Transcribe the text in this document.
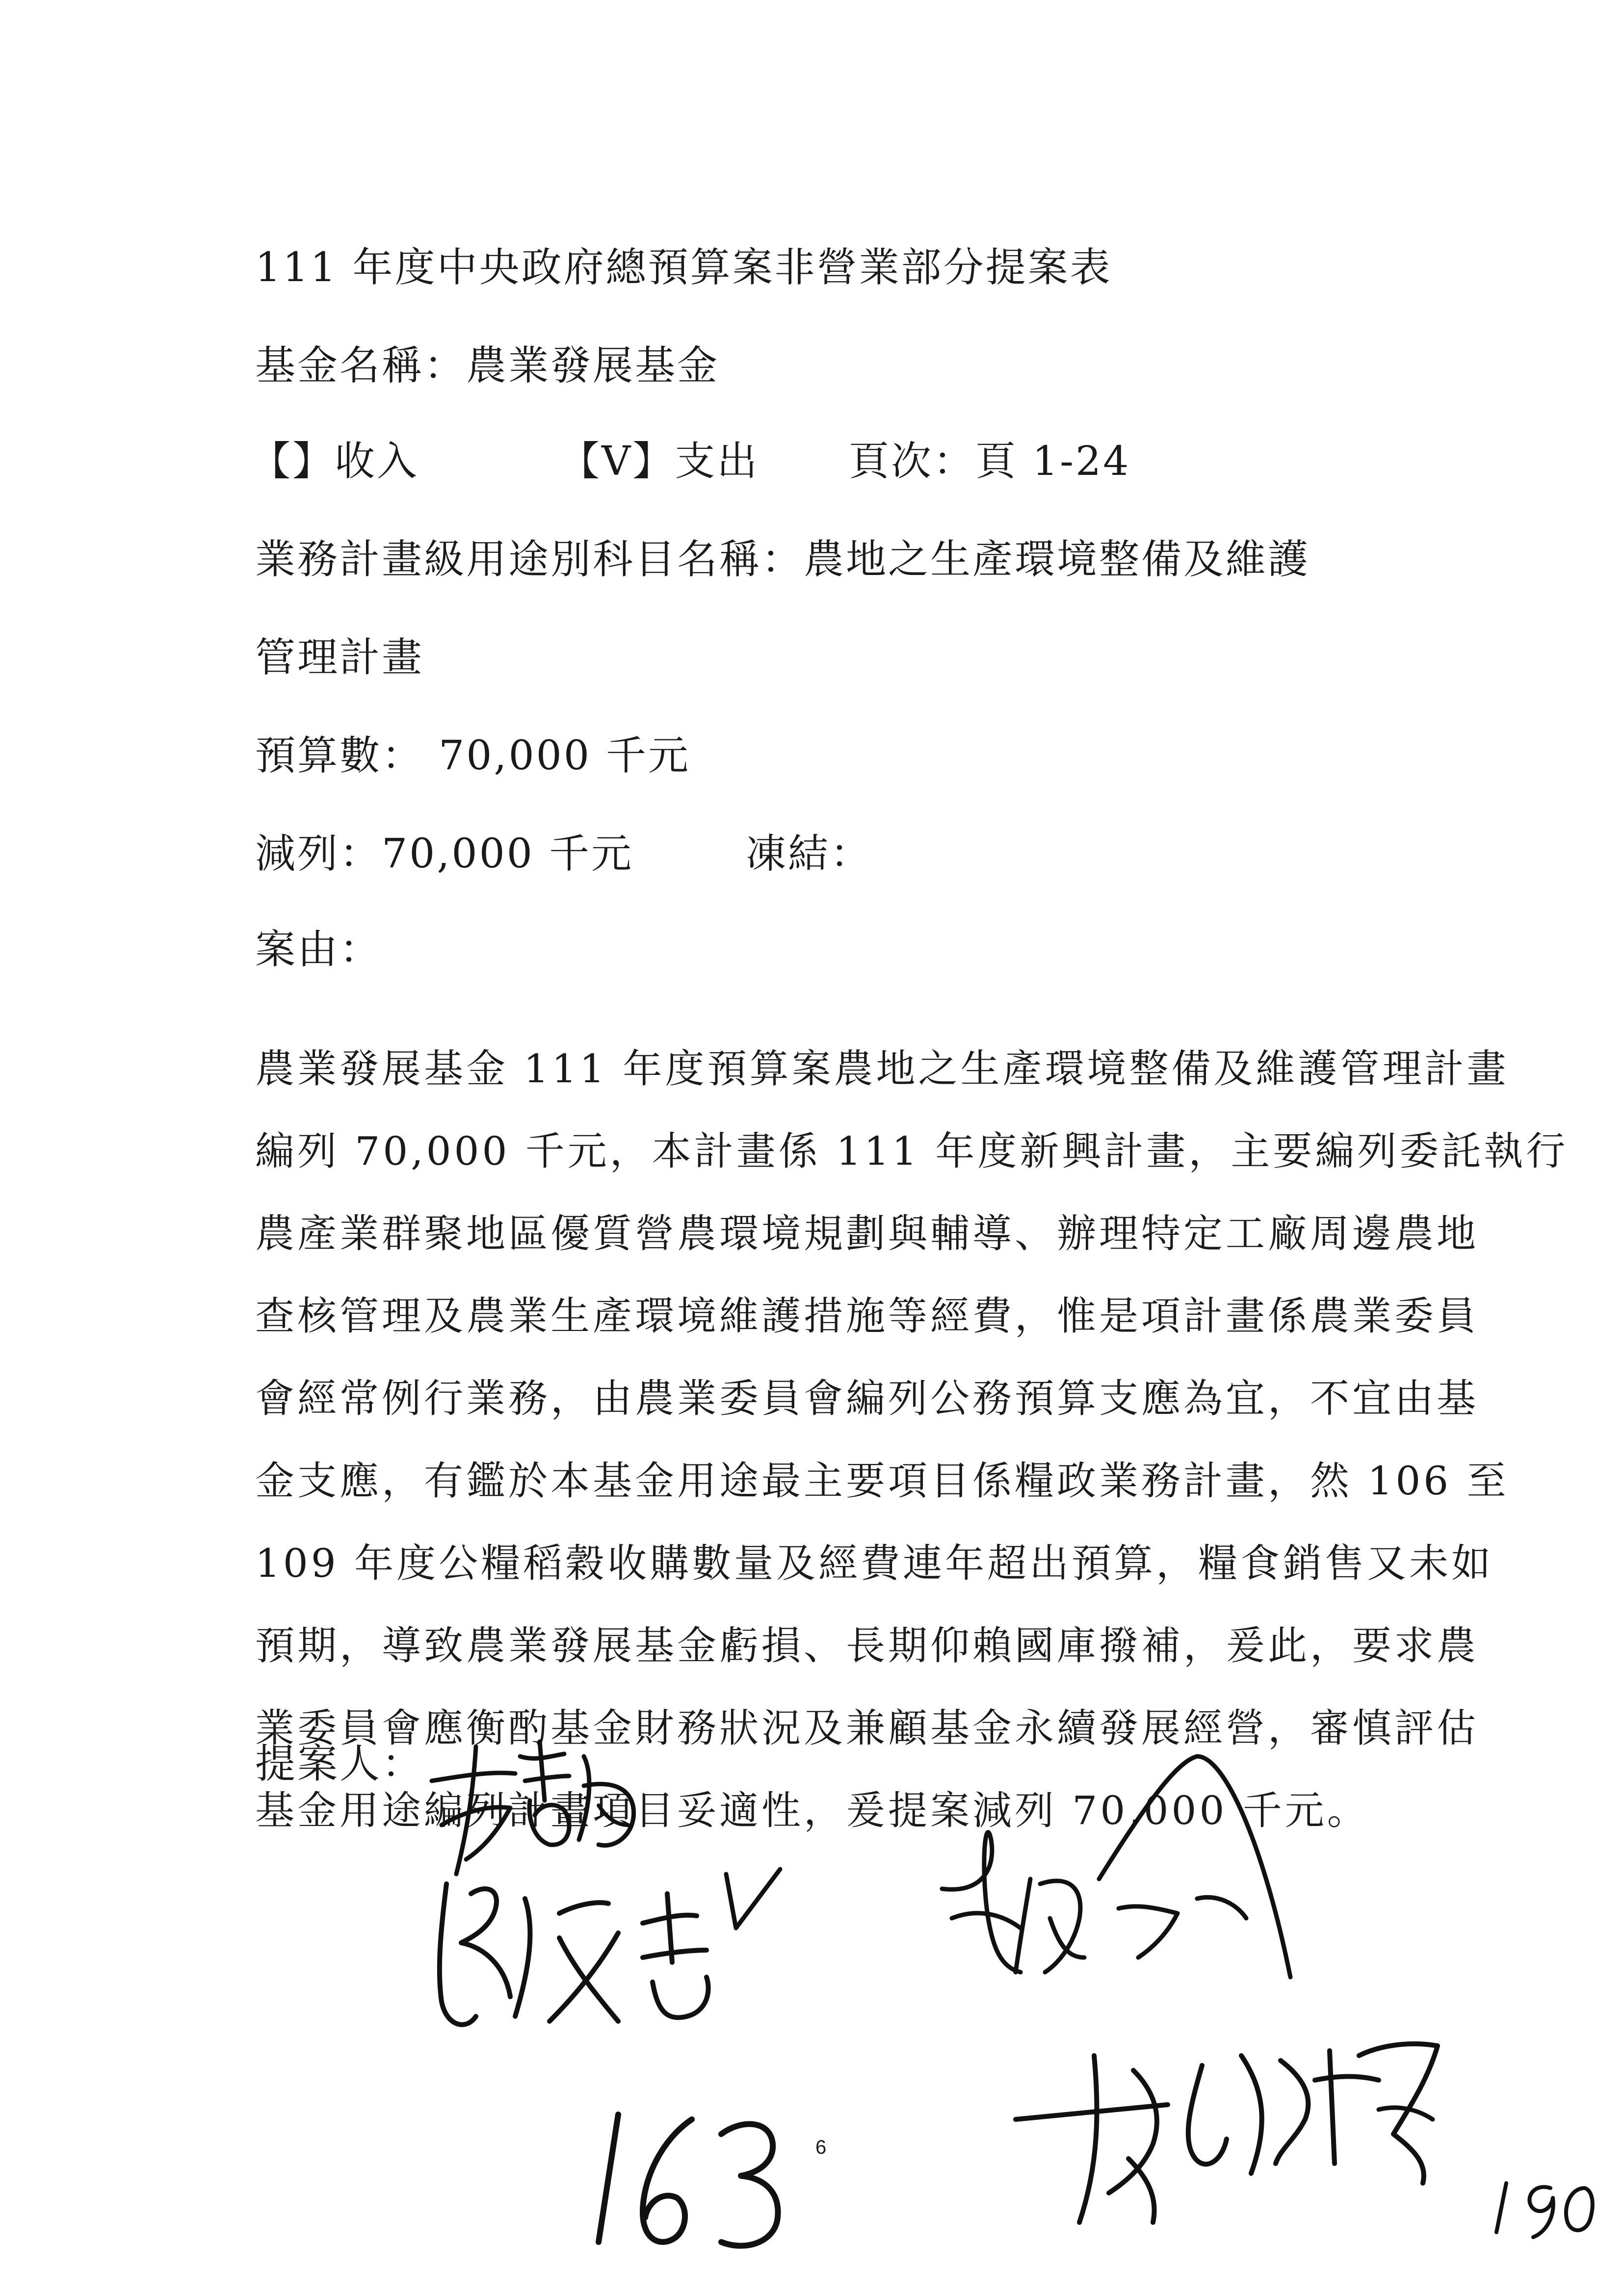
111 年度中央政府總預算案非營業部分提案表
基金名稱：農業發展基金
【】收入	【V】支出 頁次：頁 1-24
業務計畫級用途別科目名稱：農地之生產環境整備及維護
管理計畫
預算數： 70,000 千元
減列：70,000 千元	凍結：
案由：
農業發展基金 111 年度預算案農地之生產環境整備及維護管理計畫
編列 70,000 千元，本計畫係 111 年度新興計畫，主要編列委託執行
農產業群聚地區優質營農環境規劃與輔導、辦理特定工廠周邊農地
查核管理及農業生產環境維護措施等經費，惟是項計畫係農業委員
會經常例行業務，由農業委員會編列公務預算支應為宜，不宜由基
金支應，有鑑於本基金用途最主要項目係糧政業務計畫，然 106 至
109 年度公糧稻穀收購數量及經費連年超出預算，糧食銷售又未如
預期，導致農業發展基金虧損、長期仰賴國庫撥補，爰此，要求農
業委員會應衡酌基金財務狀況及兼顧基金永續發展經營，審慎評估
基金用途編列計畫項目妥適性，爰提案減列 70,000 千元。
提案人：
163
6
190
